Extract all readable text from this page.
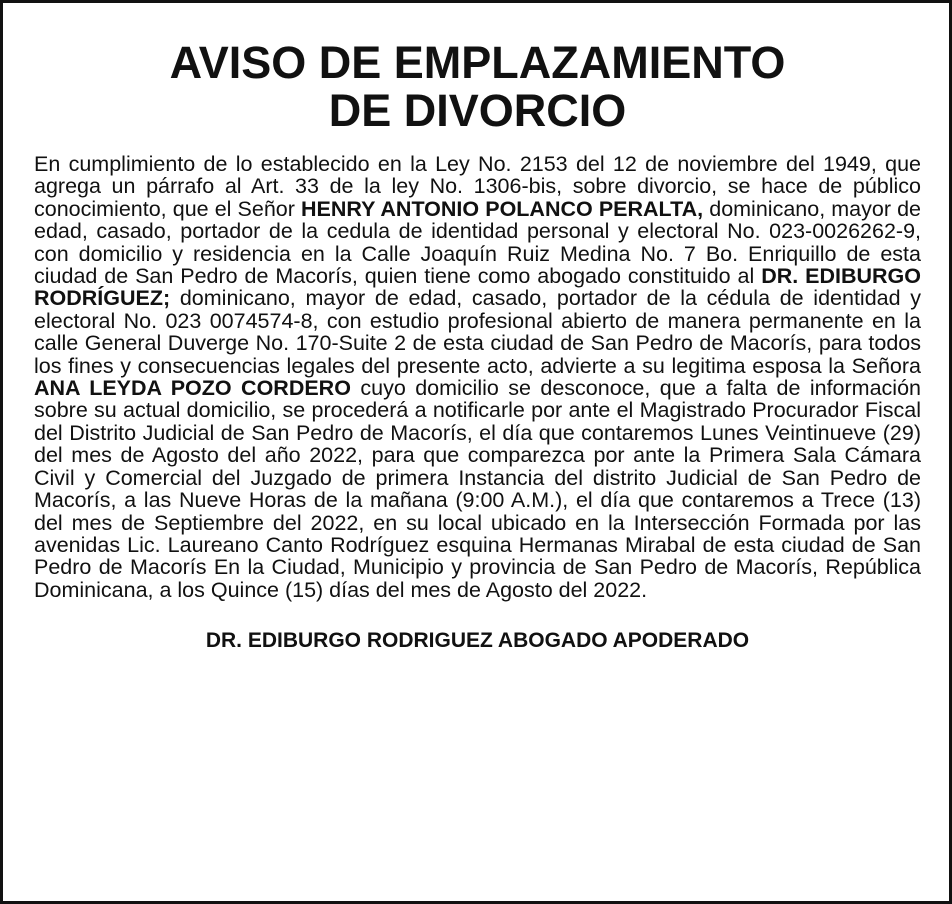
AVISO DE EMPLAZAMIENTO
DE DIVORCIO

En cumplimiento de lo establecido en la Ley No. 2153 del 12 de noviembre del 1949, que agrega un párrafo al Art. 33 de la ley No. 1306-bis, sobre divorcio, se hace de público conocimiento, que el Señor HENRY ANTONIO POLANCO PERALTA, dominicano, mayor de edad, casado, portador de la cedula de identidad personal y electoral No. 023-0026262-9, con domicilio y residencia en la Calle Joaquín Ruiz Medina No. 7 Bo. Enriquillo de esta ciudad de San Pedro de Macorís, quien tiene como abogado constituido al DR. EDIBURGO RODRÍGUEZ; dominicano, mayor de edad, casado, portador de la cédula de identidad y electoral No. 023 0074574-8, con estudio profesional abierto de manera permanente en la calle General Duverge No. 170-Suite 2 de esta ciudad de San Pedro de Macorís, para todos los fines y consecuencias legales del presente acto, advierte a su legitima esposa la Señora ANA LEYDA POZO CORDERO cuyo domicilio se desconoce, que a falta de información sobre su actual domicilio, se procederá a notificarle por ante el Magistrado Procurador Fiscal del Distrito Judicial de San Pedro de Macorís, el día que contaremos Lunes Veintinueve (29) del mes de Agosto del año 2022, para que comparezca por ante la Primera Sala Cámara Civil y Comercial del Juzgado de primera Instancia del distrito Judicial de San Pedro de Macorís, a las Nueve Horas de la mañana (9:00 A.M.), el día que contaremos a Trece (13) del mes de Septiembre del 2022, en su local ubicado en la Intersección Formada por las avenidas Lic. Laureano Canto Rodríguez esquina Hermanas Mirabal de esta ciudad de San Pedro de Macorís En la Ciudad, Municipio y provincia de San Pedro de Macorís, República Dominicana, a los Quince (15) días del mes de Agosto del 2022.

DR. EDIBURGO RODRIGUEZ ABOGADO APODERADO
